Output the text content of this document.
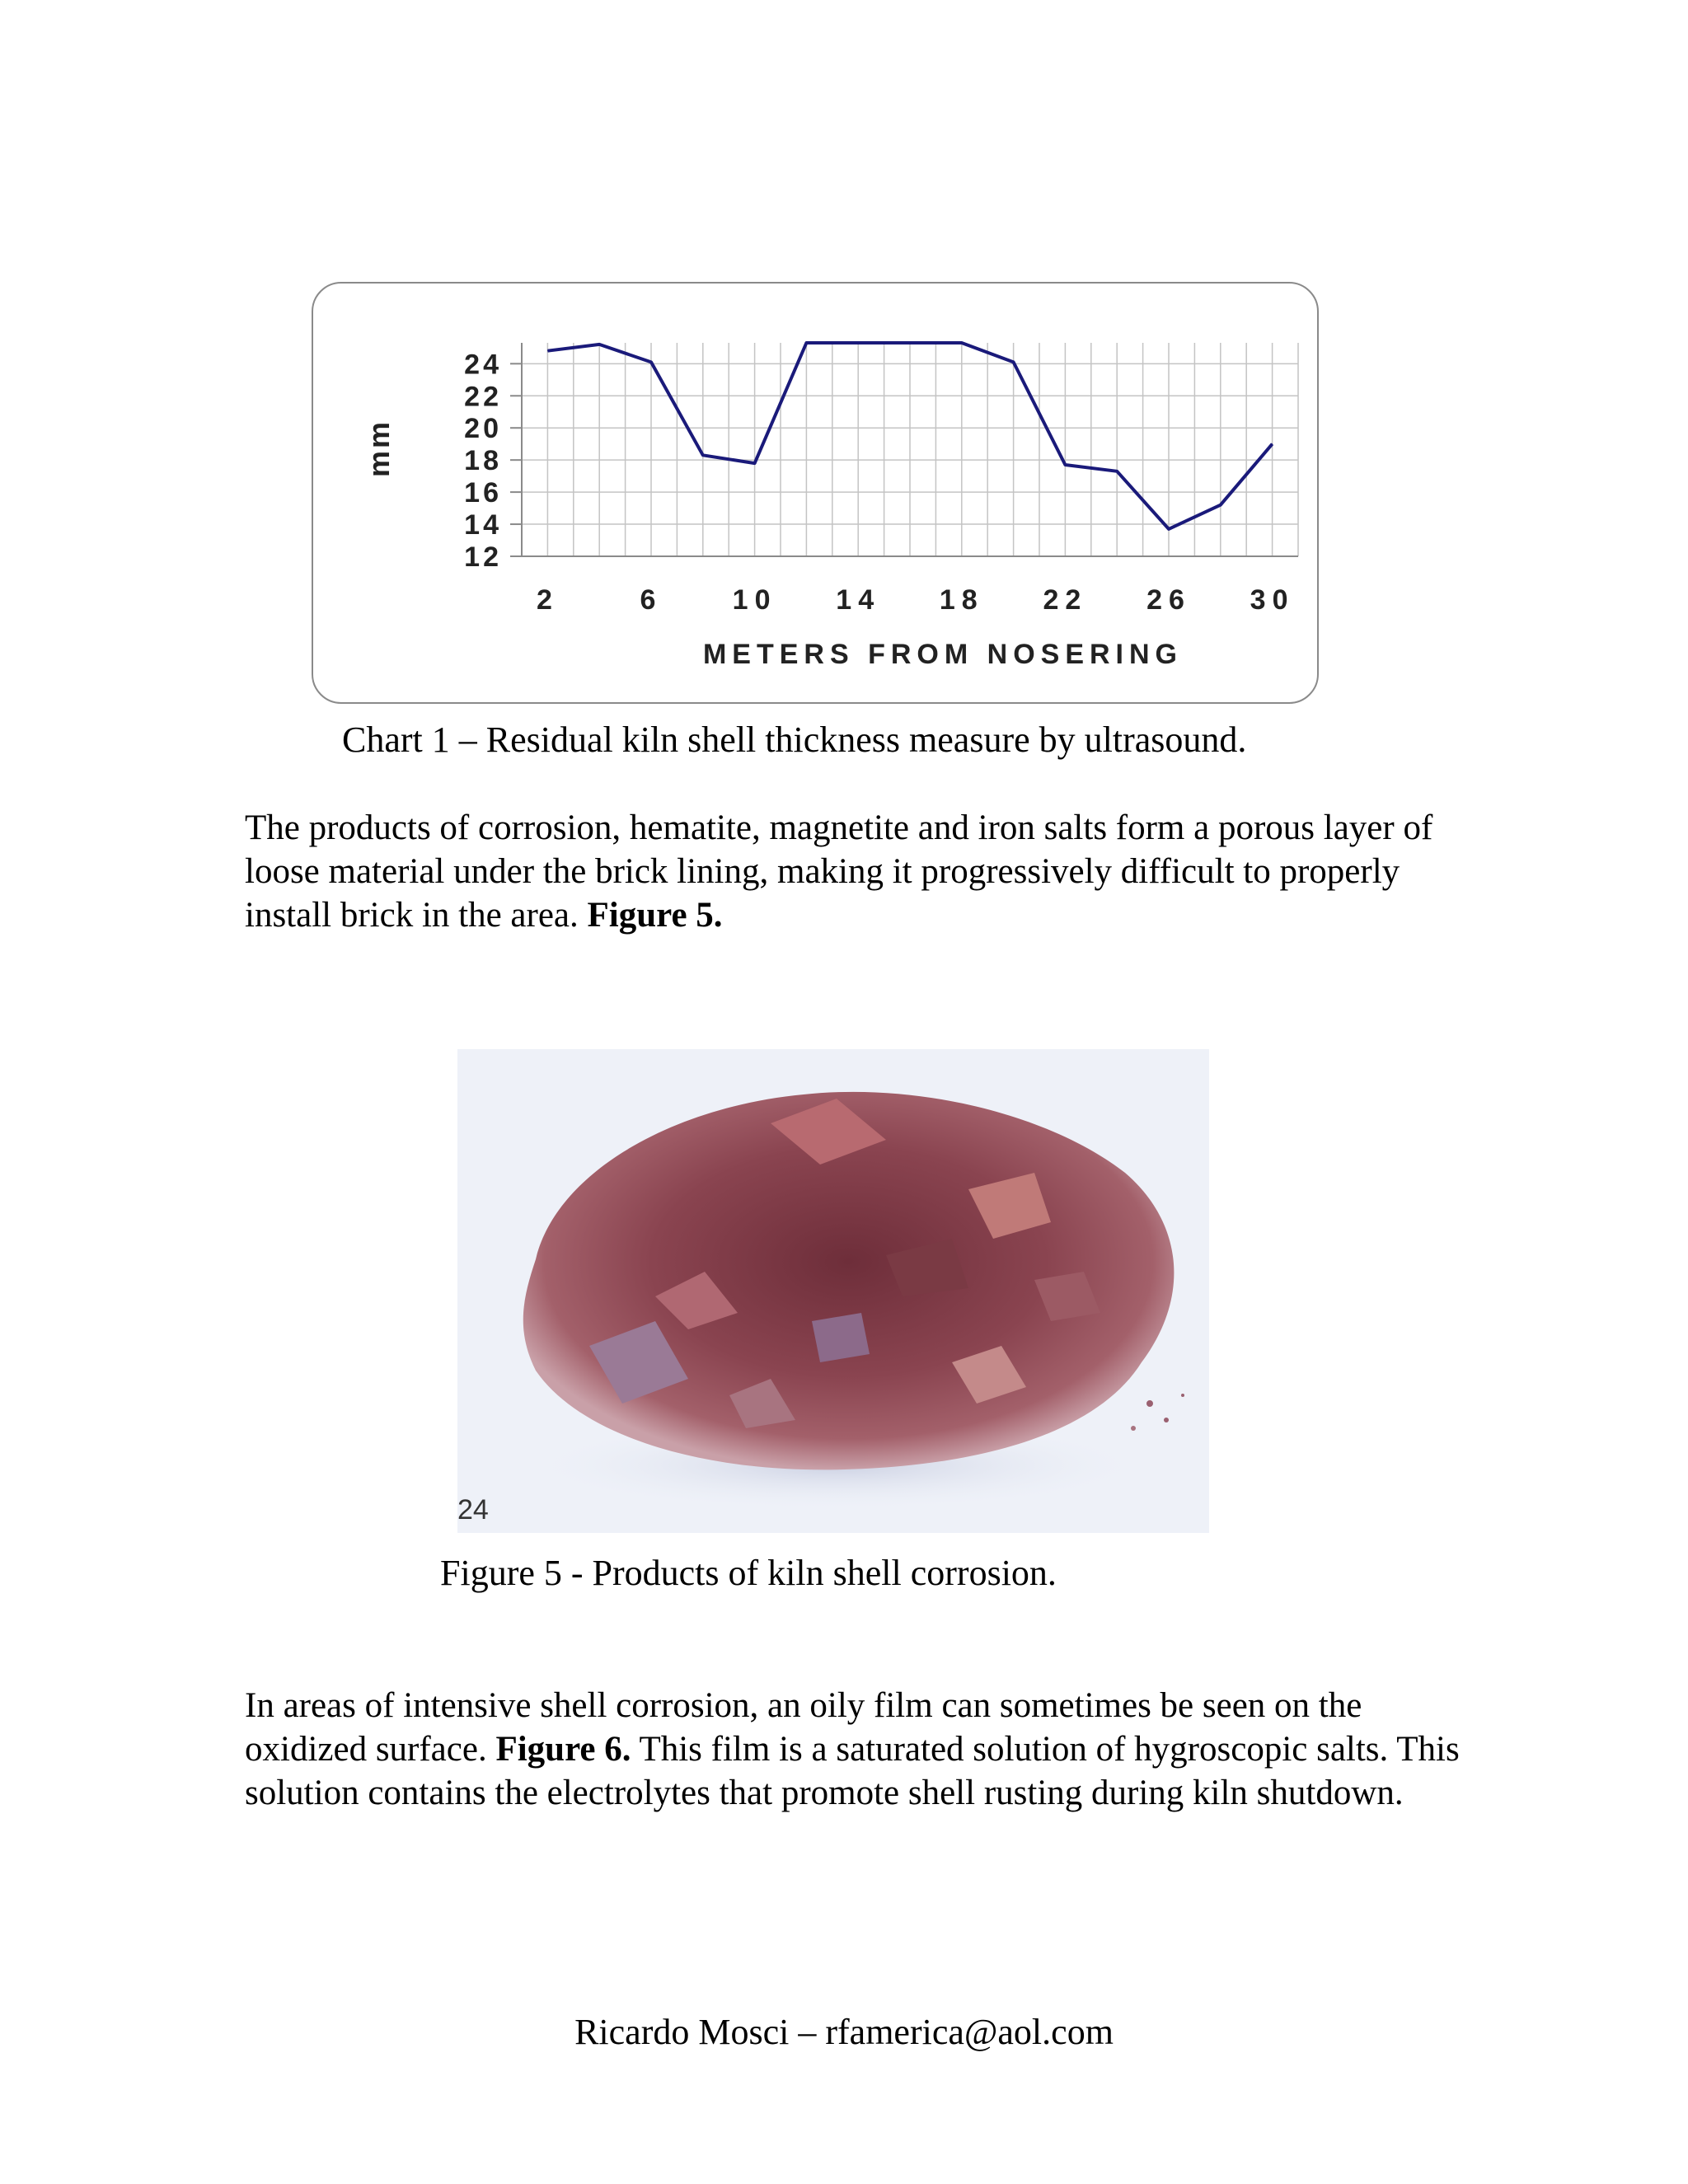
24
22
20
18
16
14
12
2	6	10 14 18 22 26 30
METERS FROM NOSERING
mm
Chart 1 – Residual kiln shell thickness measure by ultrasound.
The products of corrosion, hematite, magnetite and iron salts form a porous layer of loose material under the brick lining, making it progressively difficult to properly install brick in the area. Figure 5.
24
Figure 5 - Products of kiln shell corrosion.
In areas of intensive shell corrosion, an oily film can sometimes be seen on the oxidized surface. Figure 6. This film is a saturated solution of hygroscopic salts. This solution contains the electrolytes that promote shell rusting during kiln shutdown.
Ricardo Mosci – rfamerica@aol.com
